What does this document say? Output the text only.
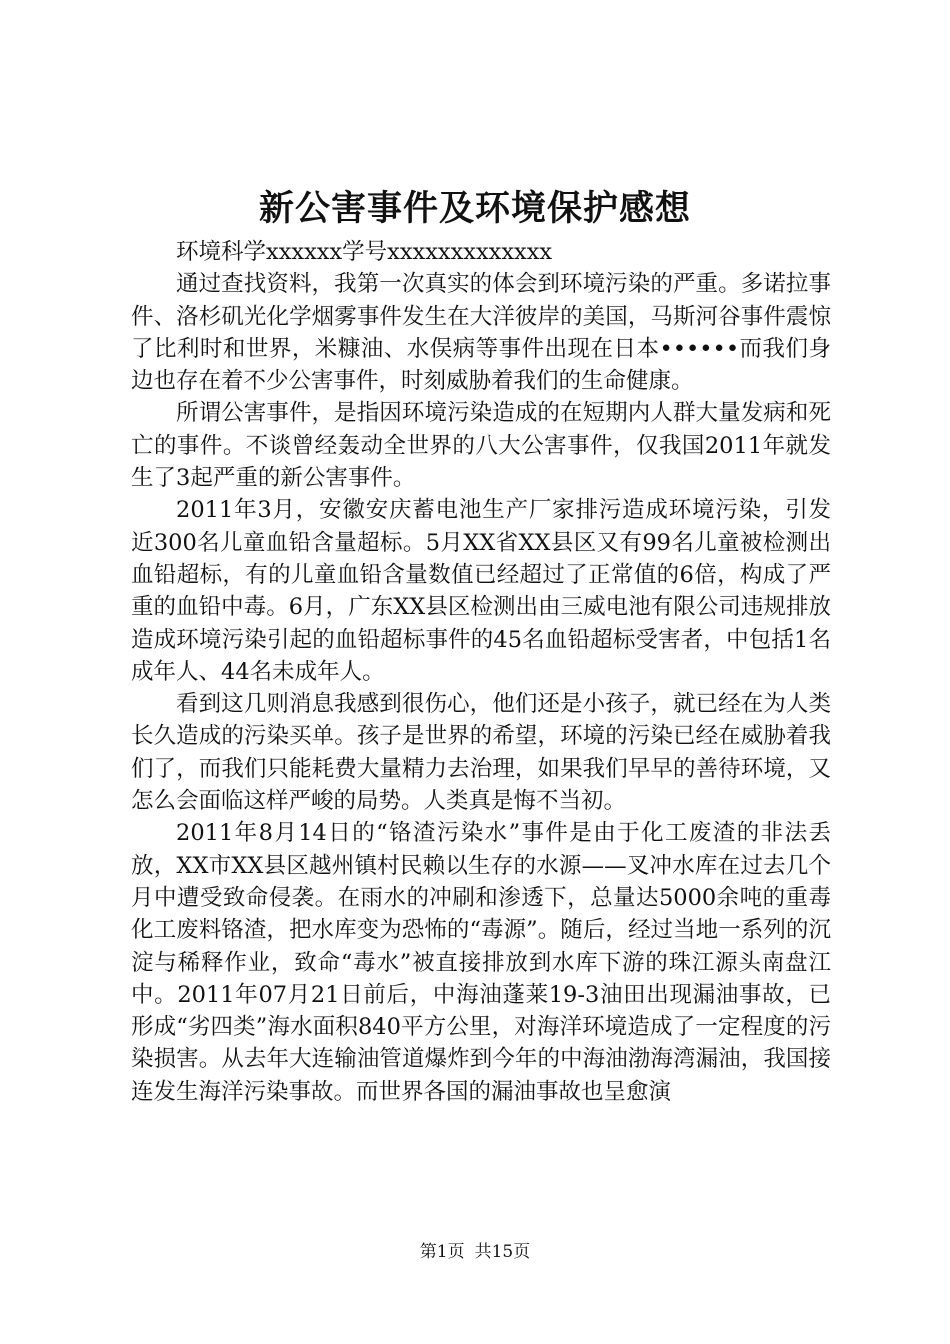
新公害事件及环境保护感想

环境科学xxxxxx学号xxxxxxxxxxxxx

通过查找资料，我第一次真实的体会到环境污染的严重。多诺拉事件、洛杉矶光化学烟雾事件发生在大洋彼岸的美国，马斯河谷事件震惊了比利时和世界，米糠油、水俣病等事件出现在日本••••••而我们身边也存在着不少公害事件，时刻威胁着我们的生命健康。

所谓公害事件，是指因环境污染造成的在短期内人群大量发病和死亡的事件。不谈曾经轰动全世界的八大公害事件，仅我国2011年就发生了3起严重的新公害事件。

2011年3月，安徽安庆蓄电池生产厂家排污造成环境污染，引发近300名儿童血铅含量超标。5月XX省XX县区又有99名儿童被检测出血铅超标，有的儿童血铅含量数值已经超过了正常值的6倍，构成了严重的血铅中毒。6月，广东XX县区检测出由三威电池有限公司违规排放造成环境污染引起的血铅超标事件的45名血铅超标受害者，中包括1名成年人、44名未成年人。

看到这几则消息我感到很伤心，他们还是小孩子，就已经在为人类长久造成的污染买单。孩子是世界的希望，环境的污染已经在威胁着我们了，而我们只能耗费大量精力去治理，如果我们早早的善待环境，又怎么会面临这样严峻的局势。人类真是悔不当初。

2011年8月14日的“铬渣污染水”事件是由于化工废渣的非法丢放，XX市XX县区越州镇村民赖以生存的水源——叉冲水库在过去几个月中遭受致命侵袭。在雨水的冲刷和渗透下，总量达5000余吨的重毒化工废料铬渣，把水库变为恐怖的“毒源”。随后，经过当地一系列的沉淀与稀释作业，致命“毒水”被直接排放到水库下游的珠江源头南盘江中。2011年07月21日前后，中海油蓬莱19-3油田出现漏油事故，已形成“劣四类”海水面积840平方公里，对海洋环境造成了一定程度的污染损害。从去年大连输油管道爆炸到今年的中海油渤海湾漏油，我国接连发生海洋污染事故。而世界各国的漏油事故也呈愈演

第1页 共15页
